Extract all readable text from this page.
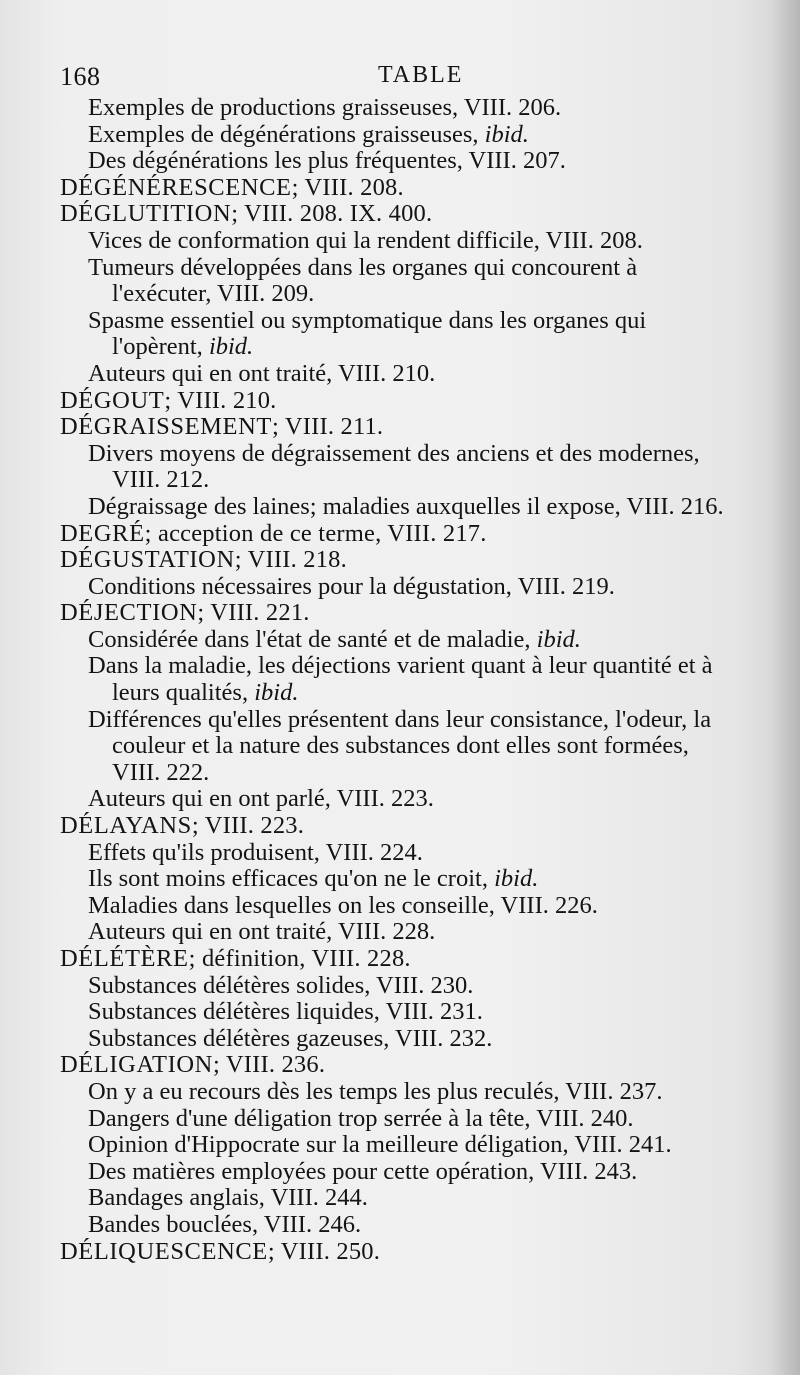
168	TABLE

Exemples de productions graisseuses, VIII. 206.

Exemples de dégénérations graisseuses, ibid.

Des dégénérations les plus fréquentes, VIII. 207.

DÉGÉNÉRESCENCE; VIII. 208.

DÉGLUTITION; VIII. 208. IX. 400.

Vices de conformation qui la rendent difficile, VIII. 208.

Tumeurs développées dans les organes qui concourent à l'exécuter, VIII. 209.

Spasme essentiel ou symptomatique dans les organes qui l'opèrent, ibid.

Auteurs qui en ont traité, VIII. 210.

DÉGOUT; VIII. 210.

DÉGRAISSEMENT; VIII. 211.

Divers moyens de dégraissement des anciens et des modernes, VIII. 212.

Dégraissage des laines; maladies auxquelles il expose, VIII. 216.

DEGRÉ; acception de ce terme, VIII. 217.

DÉGUSTATION; VIII. 218.

Conditions nécessaires pour la dégustation, VIII. 219.

DÉJECTION; VIII. 221.

Considérée dans l'état de santé et de maladie, ibid.

Dans la maladie, les déjections varient quant à leur quantité et à leurs qualités, ibid.

Différences qu'elles présentent dans leur consistance, l'odeur, la couleur et la nature des substances dont elles sont formées, VIII. 222.

Auteurs qui en ont parlé, VIII. 223.

DÉLAYANS; VIII. 223.

Effets qu'ils produisent, VIII. 224.

Ils sont moins efficaces qu'on ne le croit, ibid.

Maladies dans lesquelles on les conseille, VIII. 226.

Auteurs qui en ont traité, VIII. 228.

DÉLÉTÈRE; définition, VIII. 228.

Substances délétères solides, VIII. 230.

Substances délétères liquides, VIII. 231.

Substances délétères gazeuses, VIII. 232.

DÉLIGATION; VIII. 236.

On y a eu recours dès les temps les plus reculés, VIII. 237.

Dangers d'une déligation trop serrée à la tête, VIII. 240.

Opinion d'Hippocrate sur la meilleure déligation, VIII. 241.

Des matières employées pour cette opération, VIII. 243.

Bandages anglais, VIII. 244.

Bandes bouclées, VIII. 246.

DÉLIQUESCENCE; VIII. 250.
